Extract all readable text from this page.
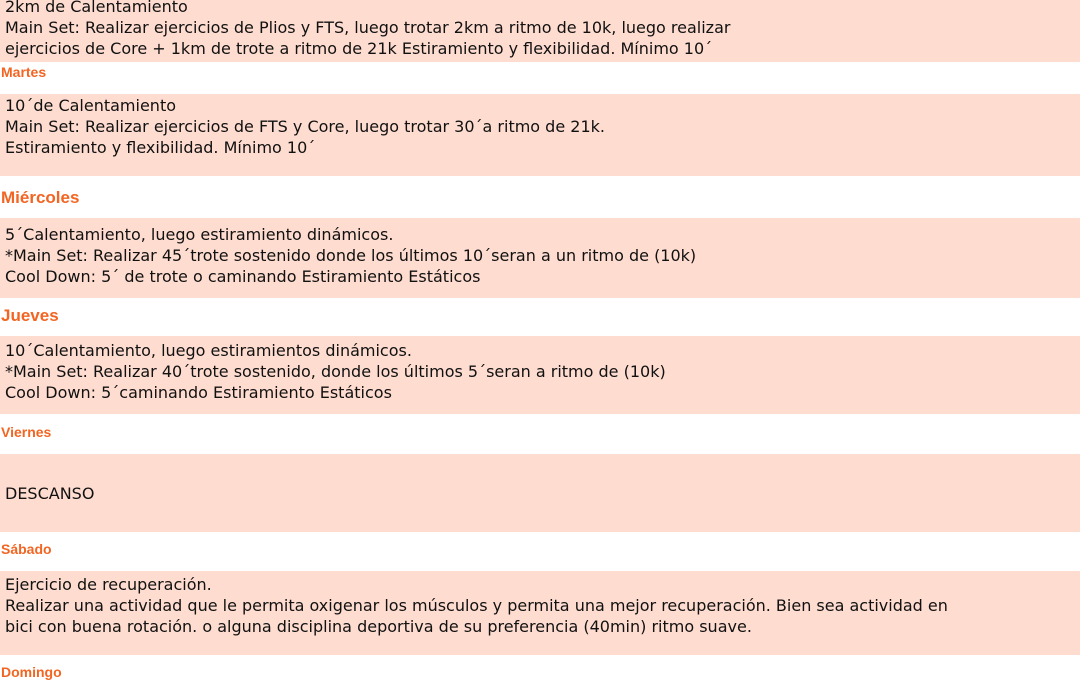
2km de Calentamiento
Main Set: Realizar ejercicios de Plios y FTS, luego trotar 2km a ritmo de 10k, luego realizar
ejercicios de Core + 1km de trote a ritmo de 21k Estiramiento y flexibilidad. Mínimo 10´
Martes
10´de Calentamiento
Main Set: Realizar ejercicios de FTS y Core, luego trotar 30´a ritmo de 21k.
Estiramiento y flexibilidad. Mínimo 10´
Miércoles
5´Calentamiento, luego estiramiento dinámicos.
*Main Set: Realizar 45´trote sostenido donde los últimos 10´seran a un ritmo de (10k)
Cool Down: 5´ de trote o caminando Estiramiento Estáticos
Jueves
10´Calentamiento, luego estiramientos dinámicos.
*Main Set: Realizar 40´trote sostenido, donde los últimos 5´seran a ritmo de (10k)
Cool Down: 5´caminando Estiramiento Estáticos
Viernes
DESCANSO
Sábado
Ejercicio de recuperación.
Realizar una actividad que le permita oxigenar los músculos y permita una mejor recuperación. Bien sea actividad en
bici con buena rotación. o alguna disciplina deportiva de su preferencia (40min) ritmo suave.
Domingo
